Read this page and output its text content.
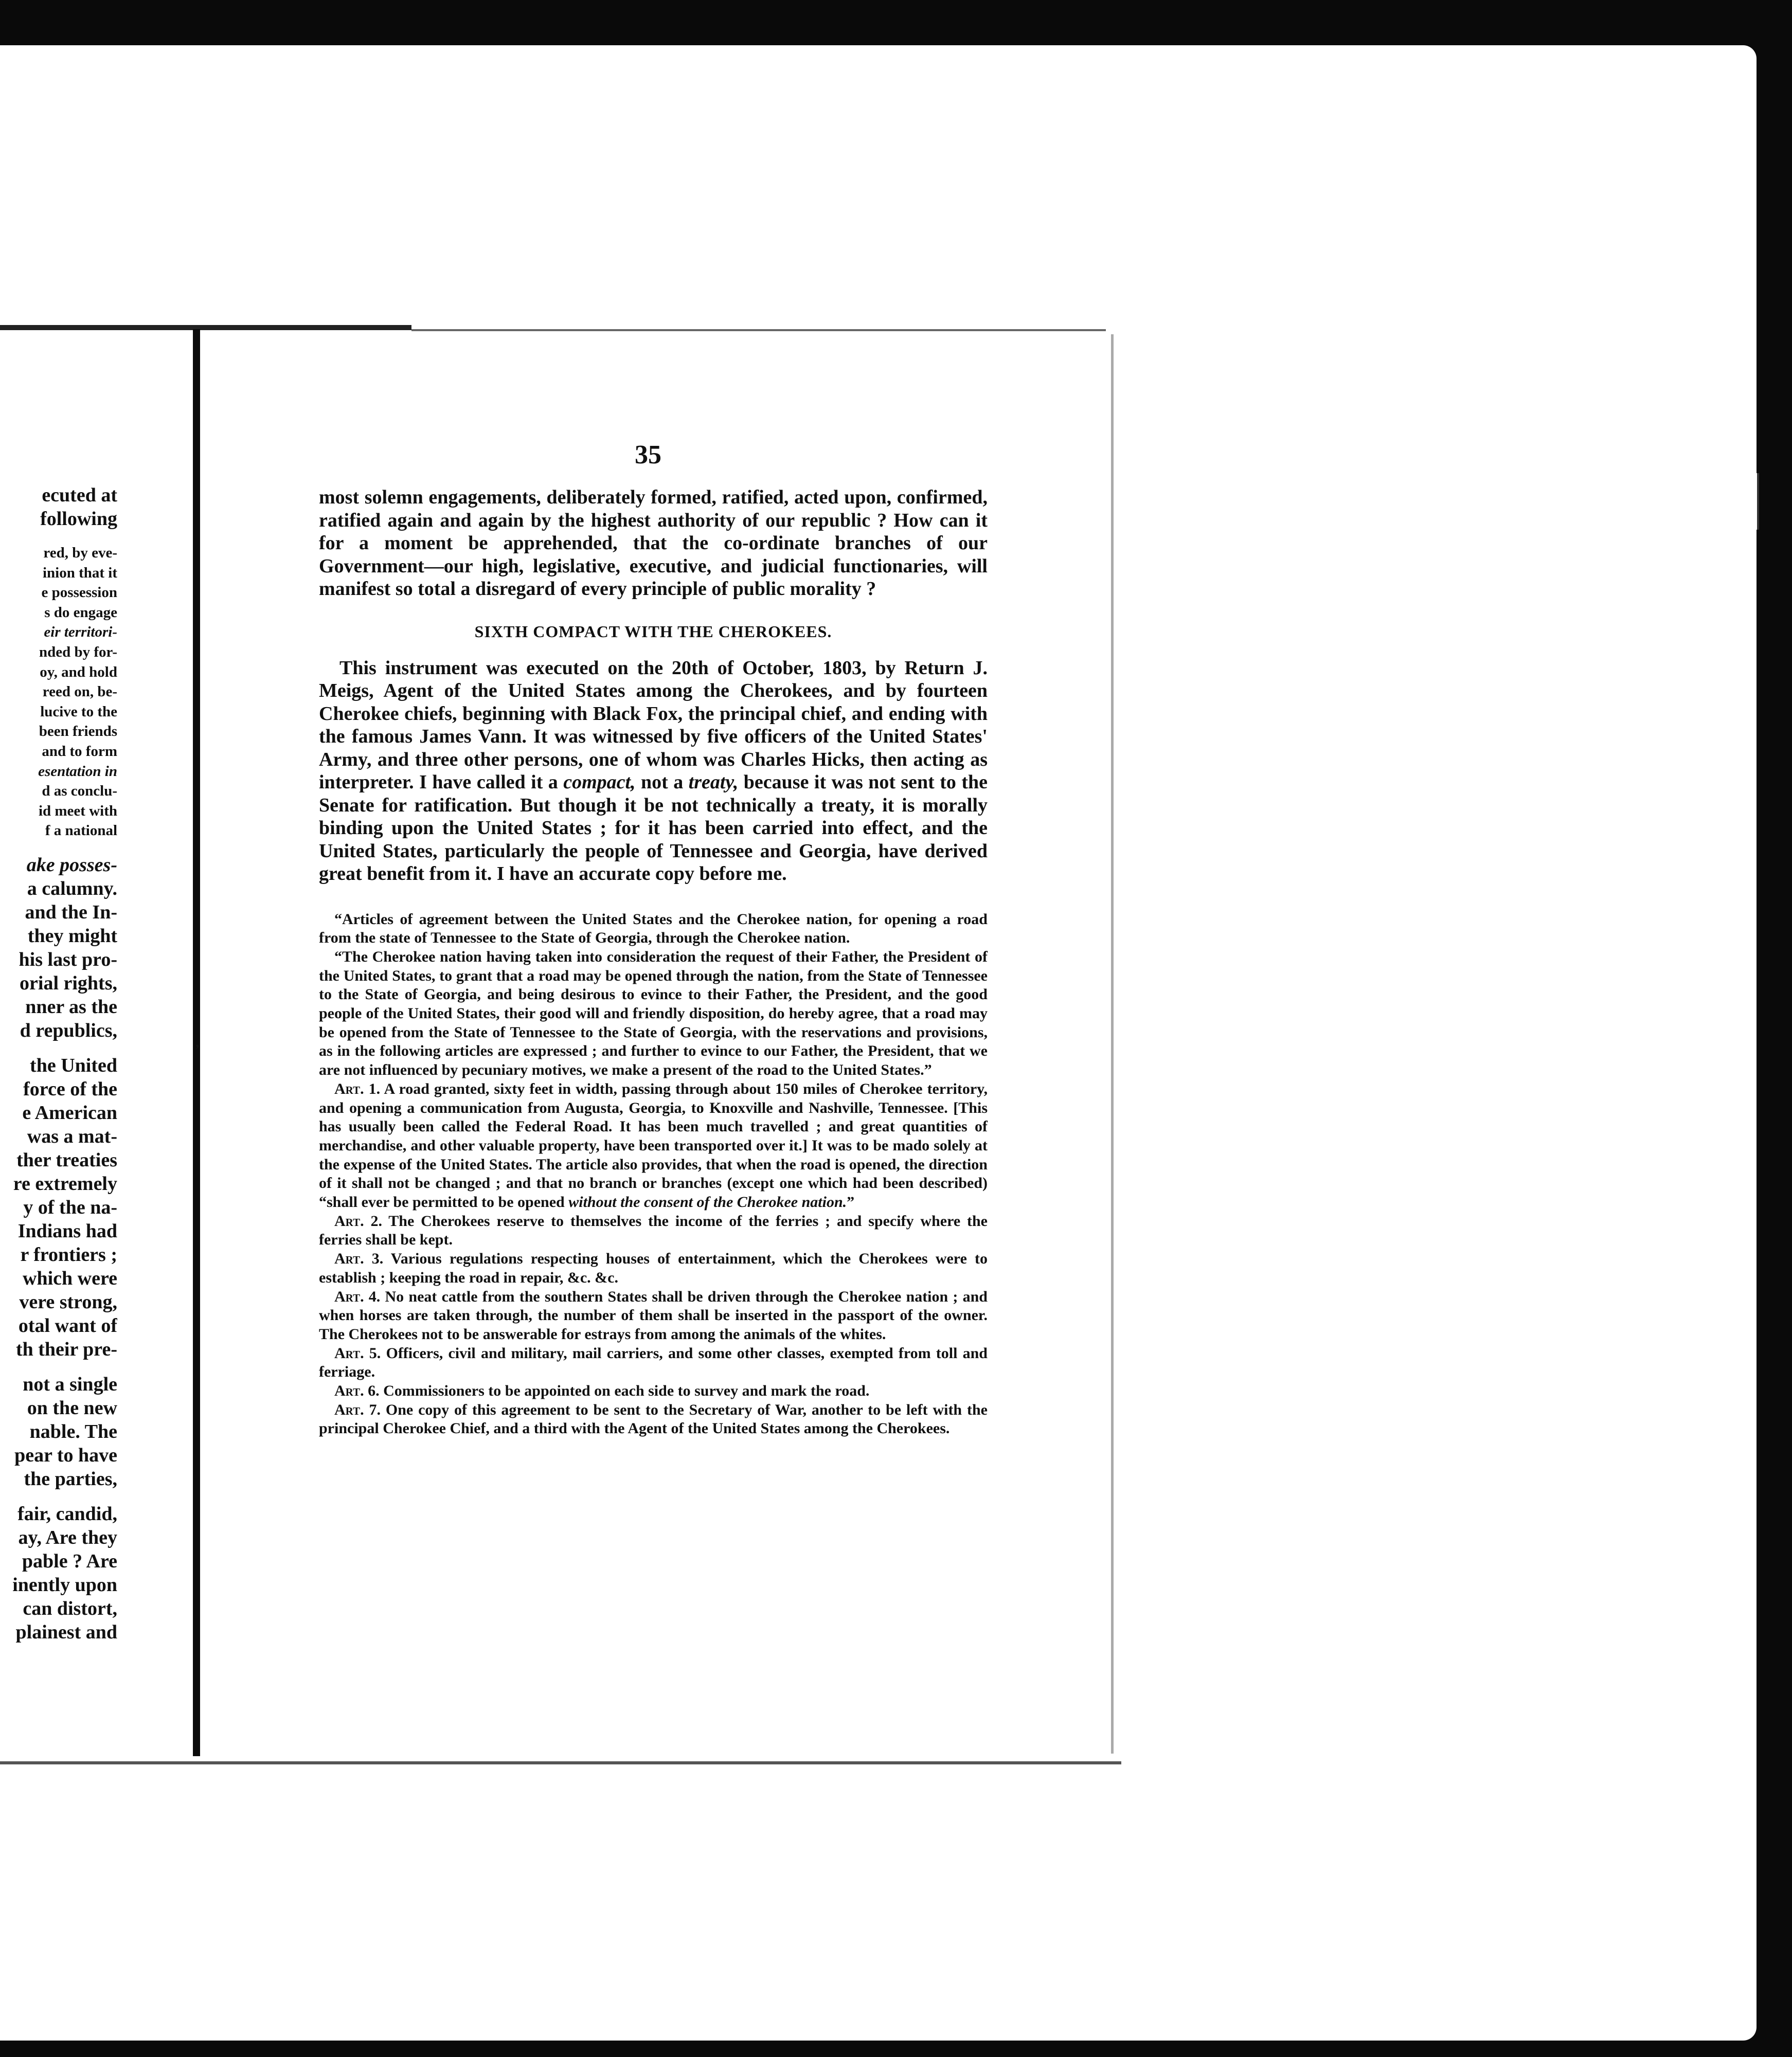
ecuted at
following
red, by eve-
inion that it
e possession
s do engage
eir territori-
nded by for-
oy, and hold
reed on, be-
lucive to the
been friends
and to form
esentation in
d as conclu-
id meet with
f a national
ake posses-
a calumny.
and the In-
they might
his last pro-
orial rights,
nner as the
d republics,
the United
force of the
e American
was a mat-
ther treaties
re extremely
y of the na-
Indians had
r frontiers ;
which were
vere strong,
otal want of
th their pre-
not a single
on the new
nable. The
pear to have
the parties,
fair, candid,
ay, Are they
pable ? Are
inently upon
can distort,
plainest and
,
35

most solemn engagements, deliberately formed, ratified, acted upon, confirmed, ratified again and again by the highest authority of our republic ? How can it for a moment be apprehended, that the co-ordinate branches of our Government—our high, legislative, executive, and judicial functionaries, will manifest so total a disregard of every principle of public morality ?

SIXTH COMPACT WITH THE CHEROKEES.

This instrument was executed on the 20th of October, 1803, by Return J. Meigs, Agent of the United States among the Cherokees, and by fourteen Cherokee chiefs, beginning with Black Fox, the principal chief, and ending with the famous James Vann. It was witnessed by five officers of the United States' Army, and three other persons, one of whom was Charles Hicks, then acting as interpreter. I have called it a compact, not a treaty, because it was not sent to the Senate for ratification. But though it be not technically a treaty, it is morally binding upon the United States ; for it has been carried into effect, and the United States, particularly the people of Tennessee and Georgia, have derived great benefit from it. I have an accurate copy before me.

“Articles of agreement between the United States and the Cherokee nation, for opening a road from the state of Tennessee to the State of Georgia, through the Cherokee nation.

“The Cherokee nation having taken into consideration the request of their Father, the President of the United States, to grant that a road may be opened through the nation, from the State of Tennessee to the State of Georgia, and being desirous to evince to their Father, the President, and the good people of the United States, their good will and friendly disposition, do hereby agree, that a road may be opened from the State of Tennessee to the State of Georgia, with the reservations and provisions, as in the following articles are expressed ; and further to evince to our Father, the President, that we are not influenced by pecuniary motives, we make a present of the road to the United States.”

Art. 1. A road granted, sixty feet in width, passing through about 150 miles of Cherokee territory, and opening a communication from Augusta, Georgia, to Knoxville and Nashville, Tennessee. [This has usually been called the Federal Road. It has been much travelled ; and great quantities of merchandise, and other valuable property, have been transported over it.] It was to be mado solely at the expense of the United States. The article also provides, that when the road is opened, the direction of it shall not be changed ; and that no branch or branches (except one which had been described) “shall ever be permitted to be opened without the consent of the Cherokee nation.”

Art. 2. The Cherokees reserve to themselves the income of the ferries ; and specify where the ferries shall be kept.

Art. 3. Various regulations respecting houses of entertainment, which the Cherokees were to establish ; keeping the road in repair, &c. &c.

Art. 4. No neat cattle from the southern States shall be driven through the Cherokee nation ; and when horses are taken through, the number of them shall be inserted in the passport of the owner. The Cherokees not to be answerable for estrays from among the animals of the whites.

Art. 5. Officers, civil and military, mail carriers, and some other classes, exempted from toll and ferriage.

Art. 6. Commissioners to be appointed on each side to survey and mark the road.

Art. 7. One copy of this agreement to be sent to the Secretary of War, another to be left with the principal Cherokee Chief, and a third with the Agent of the United States among the Cherokees.
